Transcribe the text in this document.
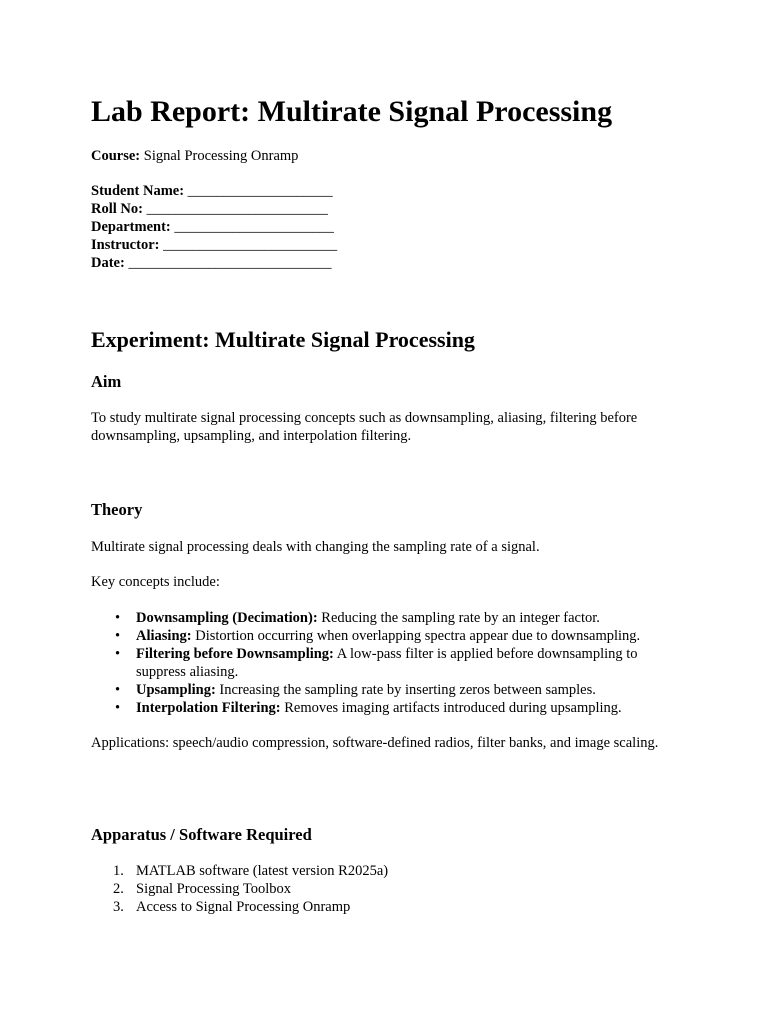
Lab Report: Multirate Signal Processing
Course: Signal Processing Onramp
Student Name: ____________________
Roll No: _________________________
Department: ______________________
Instructor: ________________________
Date: ____________________________
Experiment: Multirate Signal Processing
Aim

To study multirate signal processing concepts such as downsampling, aliasing, filtering before downsampling, upsampling, and interpolation filtering.

Theory

Multirate signal processing deals with changing the sampling rate of a signal.

Key concepts include:

• Downsampling (Decimation): Reducing the sampling rate by an integer factor.
• Aliasing: Distortion occurring when overlapping spectra appear due to downsampling.
• Filtering before Downsampling: A low-pass filter is applied before downsampling to suppress aliasing.
• Upsampling: Increasing the sampling rate by inserting zeros between samples.
• Interpolation Filtering: Removes imaging artifacts introduced during upsampling.

Applications: speech/audio compression, software-defined radios, filter banks, and image scaling.

Apparatus / Software Required
1. MATLAB software (latest version R2025a)
2. Signal Processing Toolbox
3. Access to Signal Processing Onramp
